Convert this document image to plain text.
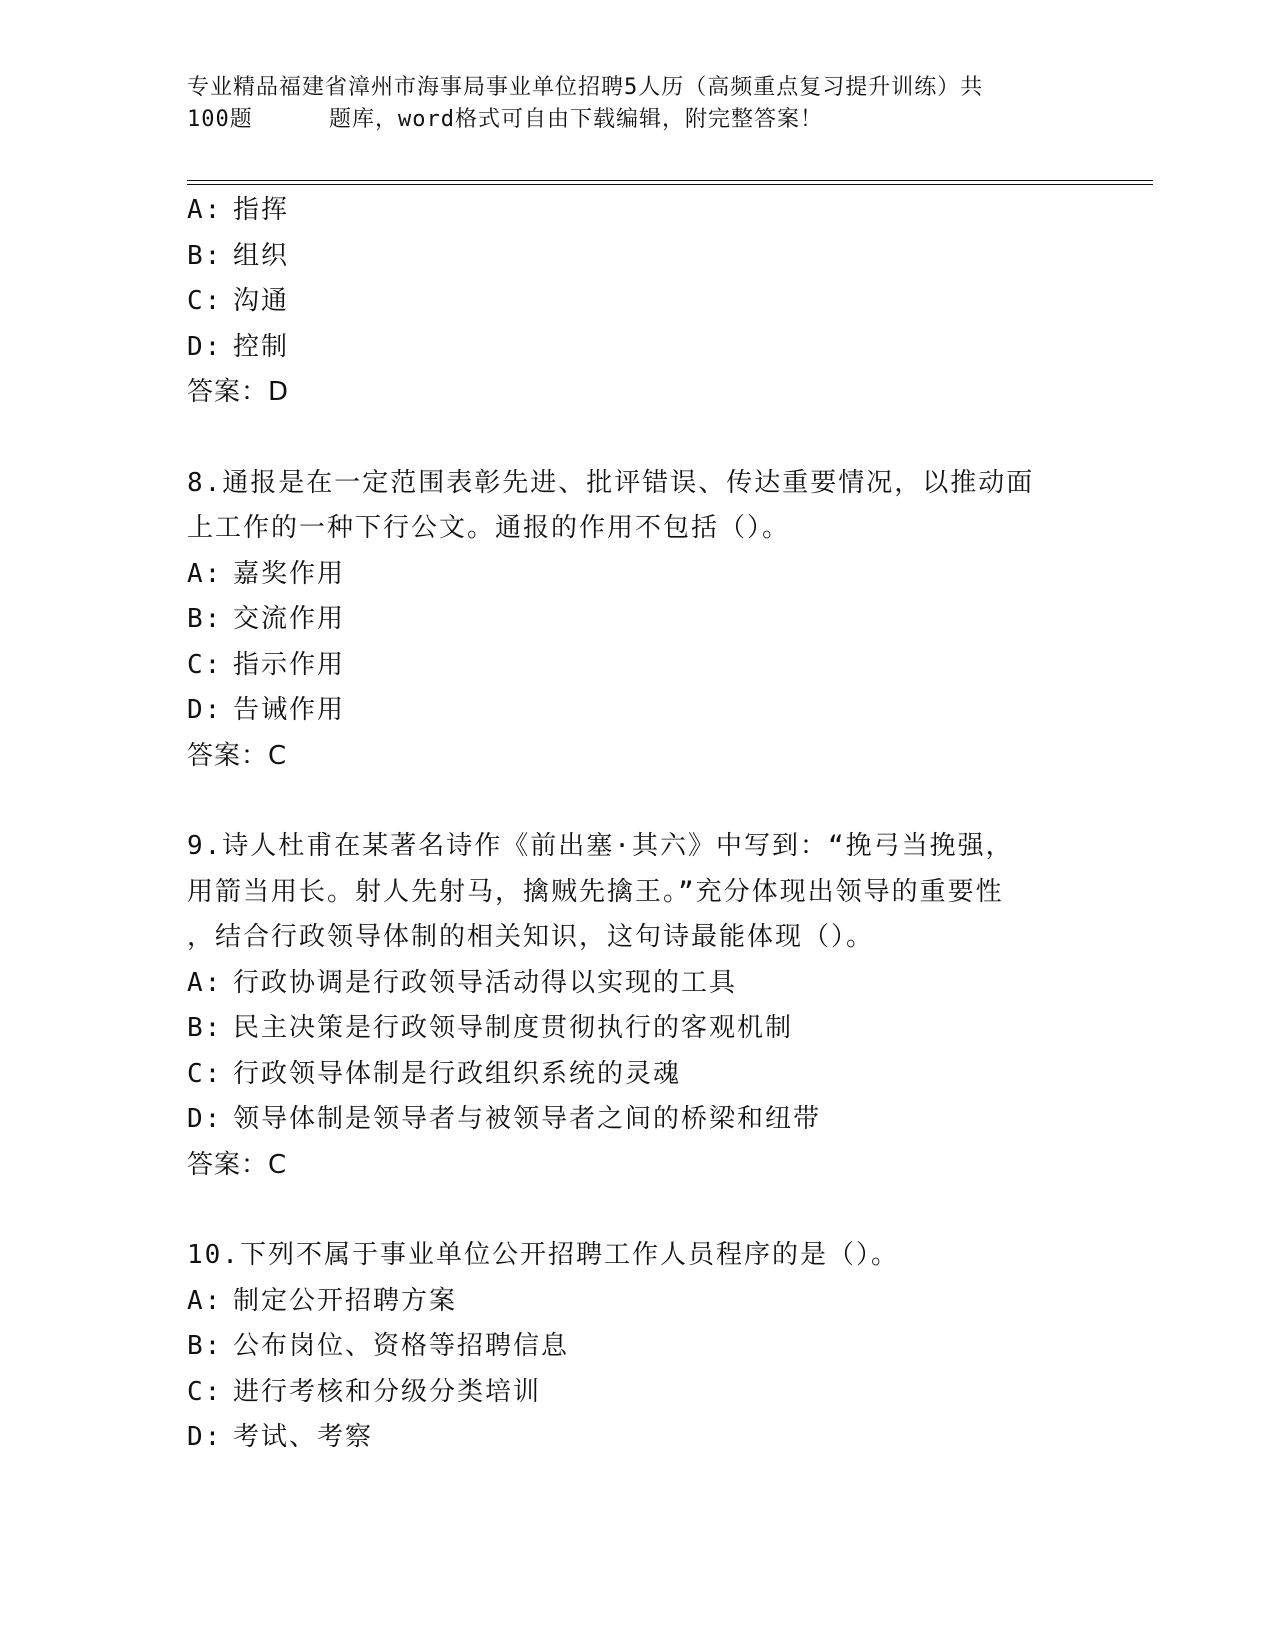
专业精品福建省漳州市海事局事业单位招聘5人历（高频重点复习提升训练）共
100题	题库，word格式可自由下载编辑，附完整答案！
A: 指挥
B: 组织
C: 沟通
D: 控制
答案：D
8.通报是在一定范围表彰先进、批评错误、传达重要情况，以推动面
上工作的一种下行公文。通报的作用不包括（）。
A: 嘉奖作用
B: 交流作用
C: 指示作用
D: 告诫作用
答案：C
9.诗人杜甫在某著名诗作《前出塞·其六》中写到：“挽弓当挽强，
用箭当用长。射人先射马，擒贼先擒王。”充分体现出领导的重要性
，结合行政领导体制的相关知识，这句诗最能体现（）。
A: 行政协调是行政领导活动得以实现的工具
B: 民主决策是行政领导制度贯彻执行的客观机制
C: 行政领导体制是行政组织系统的灵魂
D: 领导体制是领导者与被领导者之间的桥梁和纽带
答案：C
10.下列不属于事业单位公开招聘工作人员程序的是（）。
A: 制定公开招聘方案
B: 公布岗位、资格等招聘信息
C: 进行考核和分级分类培训
D: 考试、考察
